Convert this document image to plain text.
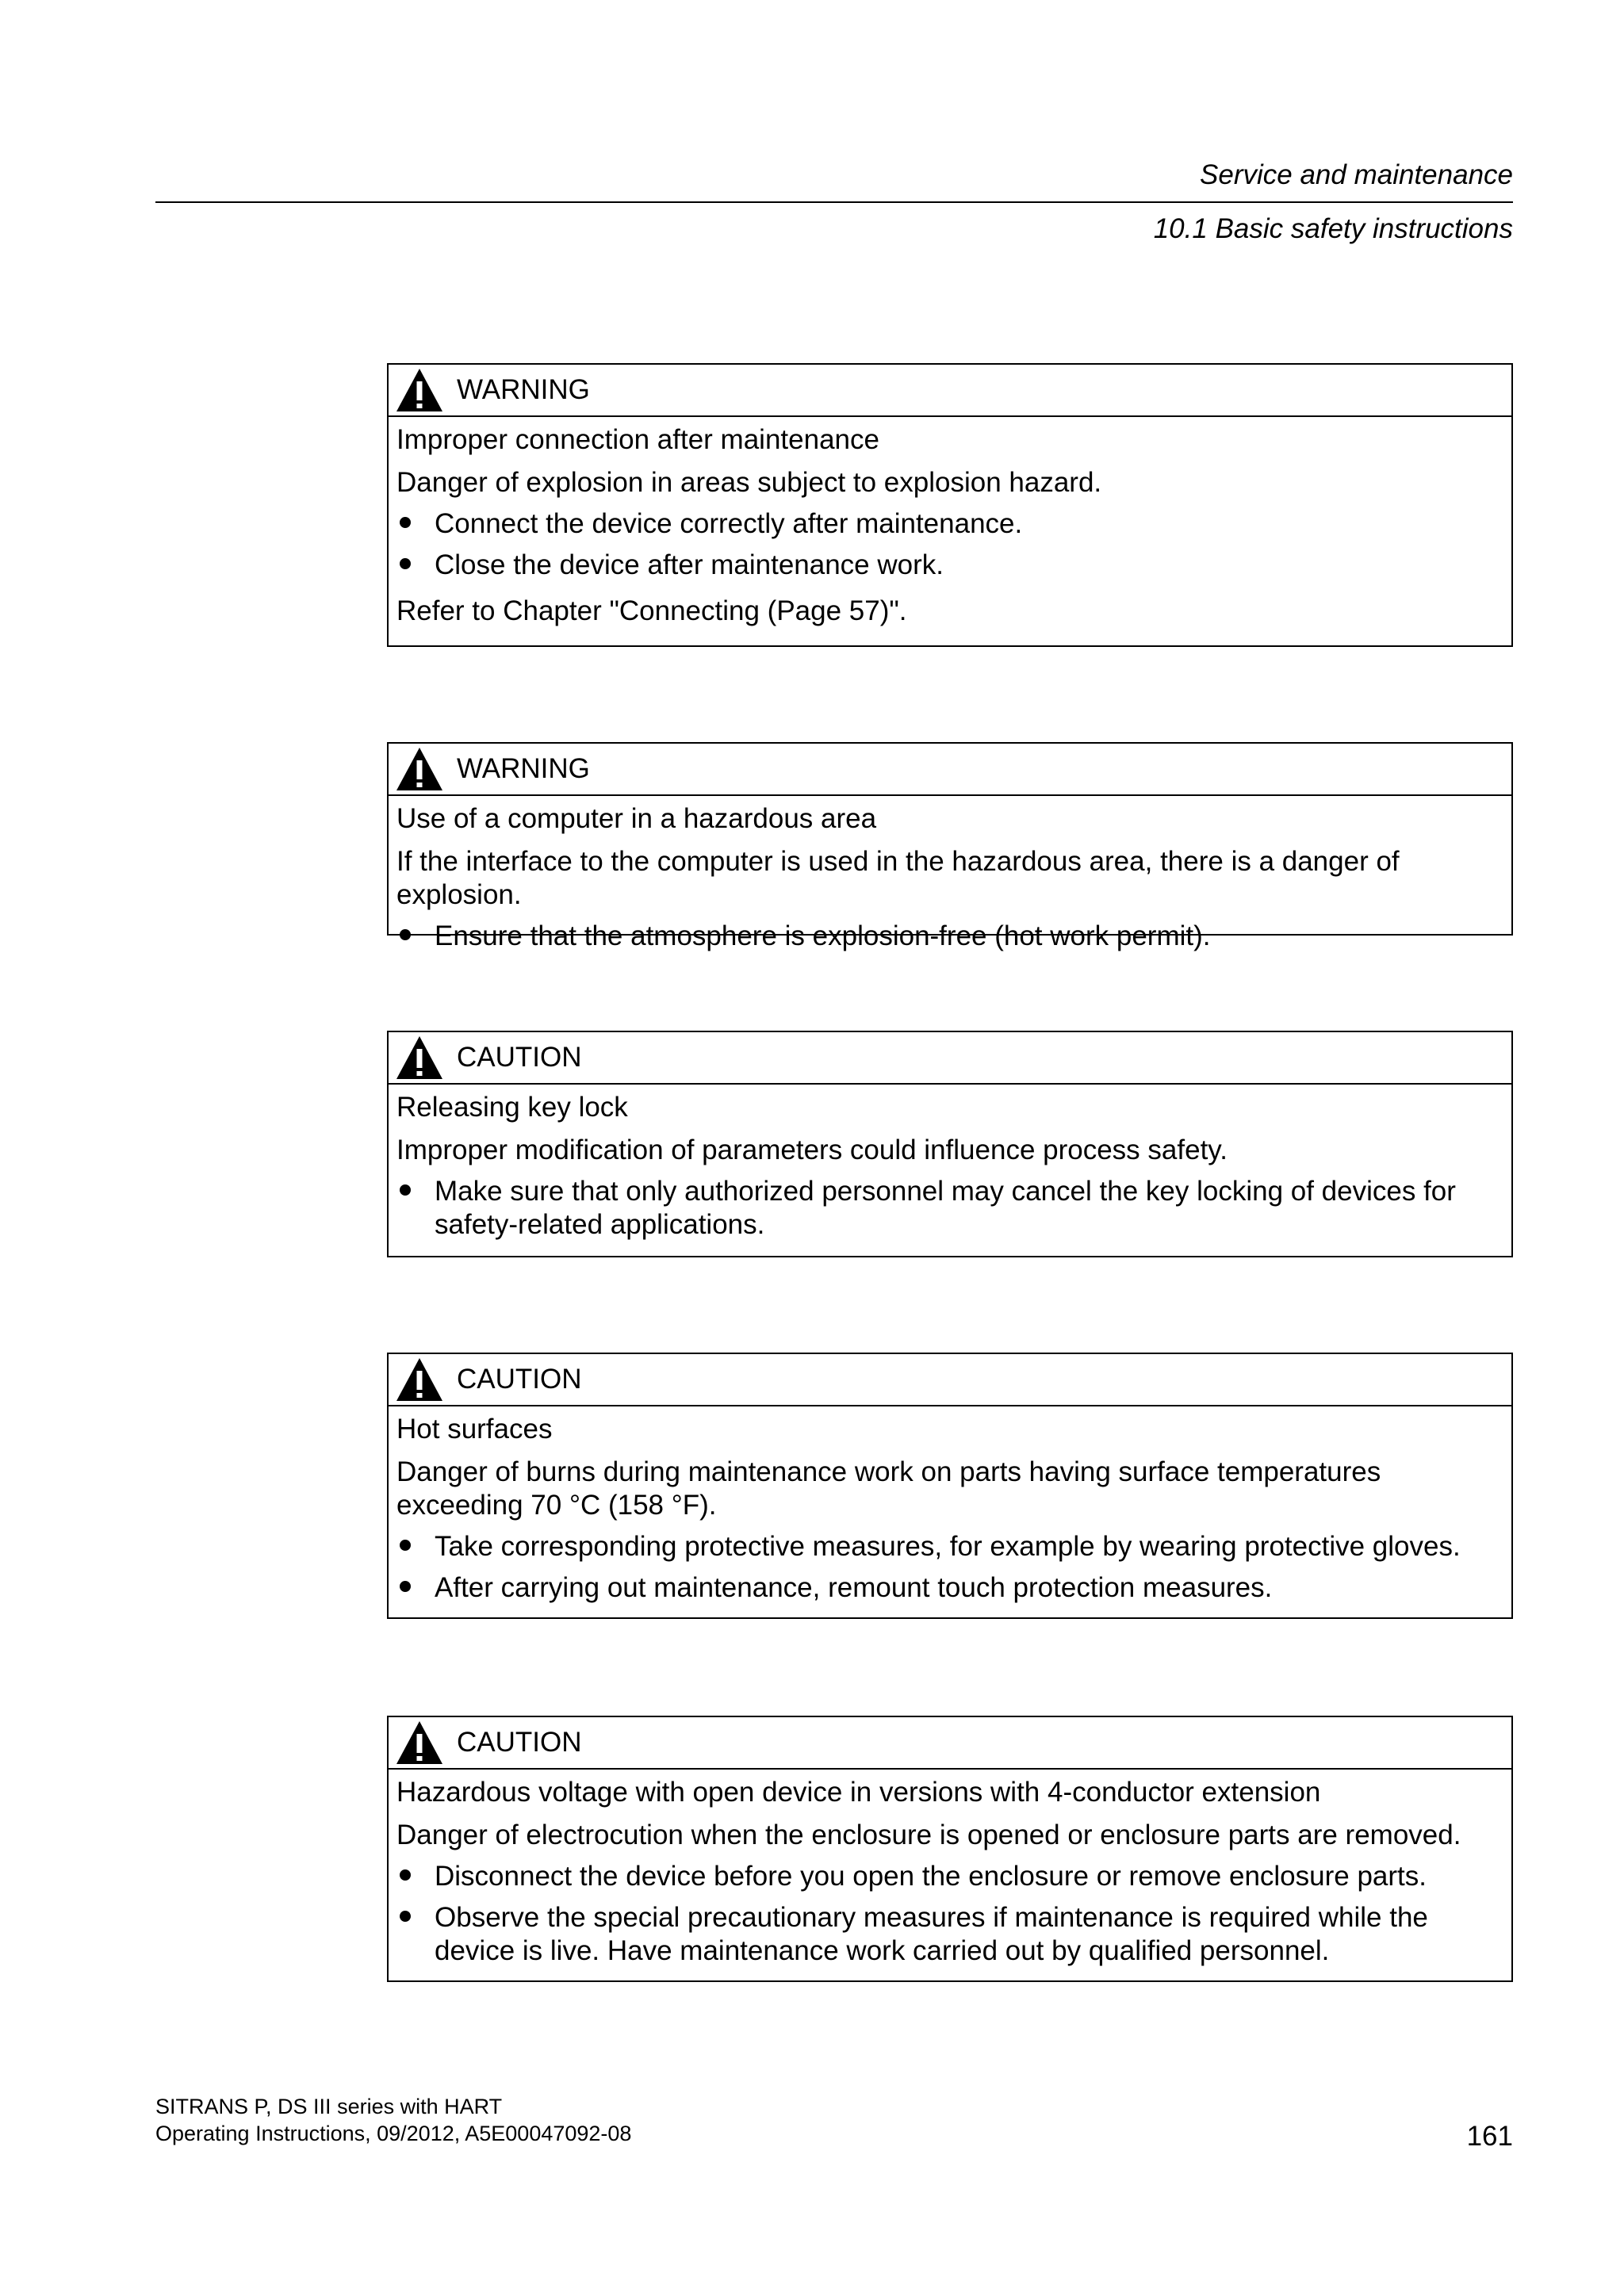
Service and maintenance
10.1 Basic safety instructions
WARNING
Improper connection after maintenance
Danger of explosion in areas subject to explosion hazard.
Connect the device correctly after maintenance.
Close the device after maintenance work.
Refer to Chapter "Connecting (Page 57)".
WARNING
Use of a computer in a hazardous area
If the interface to the computer is used in the hazardous area, there is a danger of explosion.
Ensure that the atmosphere is explosion-free (hot work permit).
CAUTION
Releasing key lock
Improper modification of parameters could influence process safety.
Make sure that only authorized personnel may cancel the key locking of devices for safety-related applications.
CAUTION
Hot surfaces
Danger of burns during maintenance work on parts having surface temperatures exceeding 70 °C (158 °F).
Take corresponding protective measures, for example by wearing protective gloves.
After carrying out maintenance, remount touch protection measures.
CAUTION
Hazardous voltage with open device in versions with 4-conductor extension
Danger of electrocution when the enclosure is opened or enclosure parts are removed.
Disconnect the device before you open the enclosure or remove enclosure parts.
Observe the special precautionary measures if maintenance is required while the device is live. Have maintenance work carried out by qualified personnel.
SITRANS P, DS III series with HART
Operating Instructions, 09/2012, A5E00047092-08	161
